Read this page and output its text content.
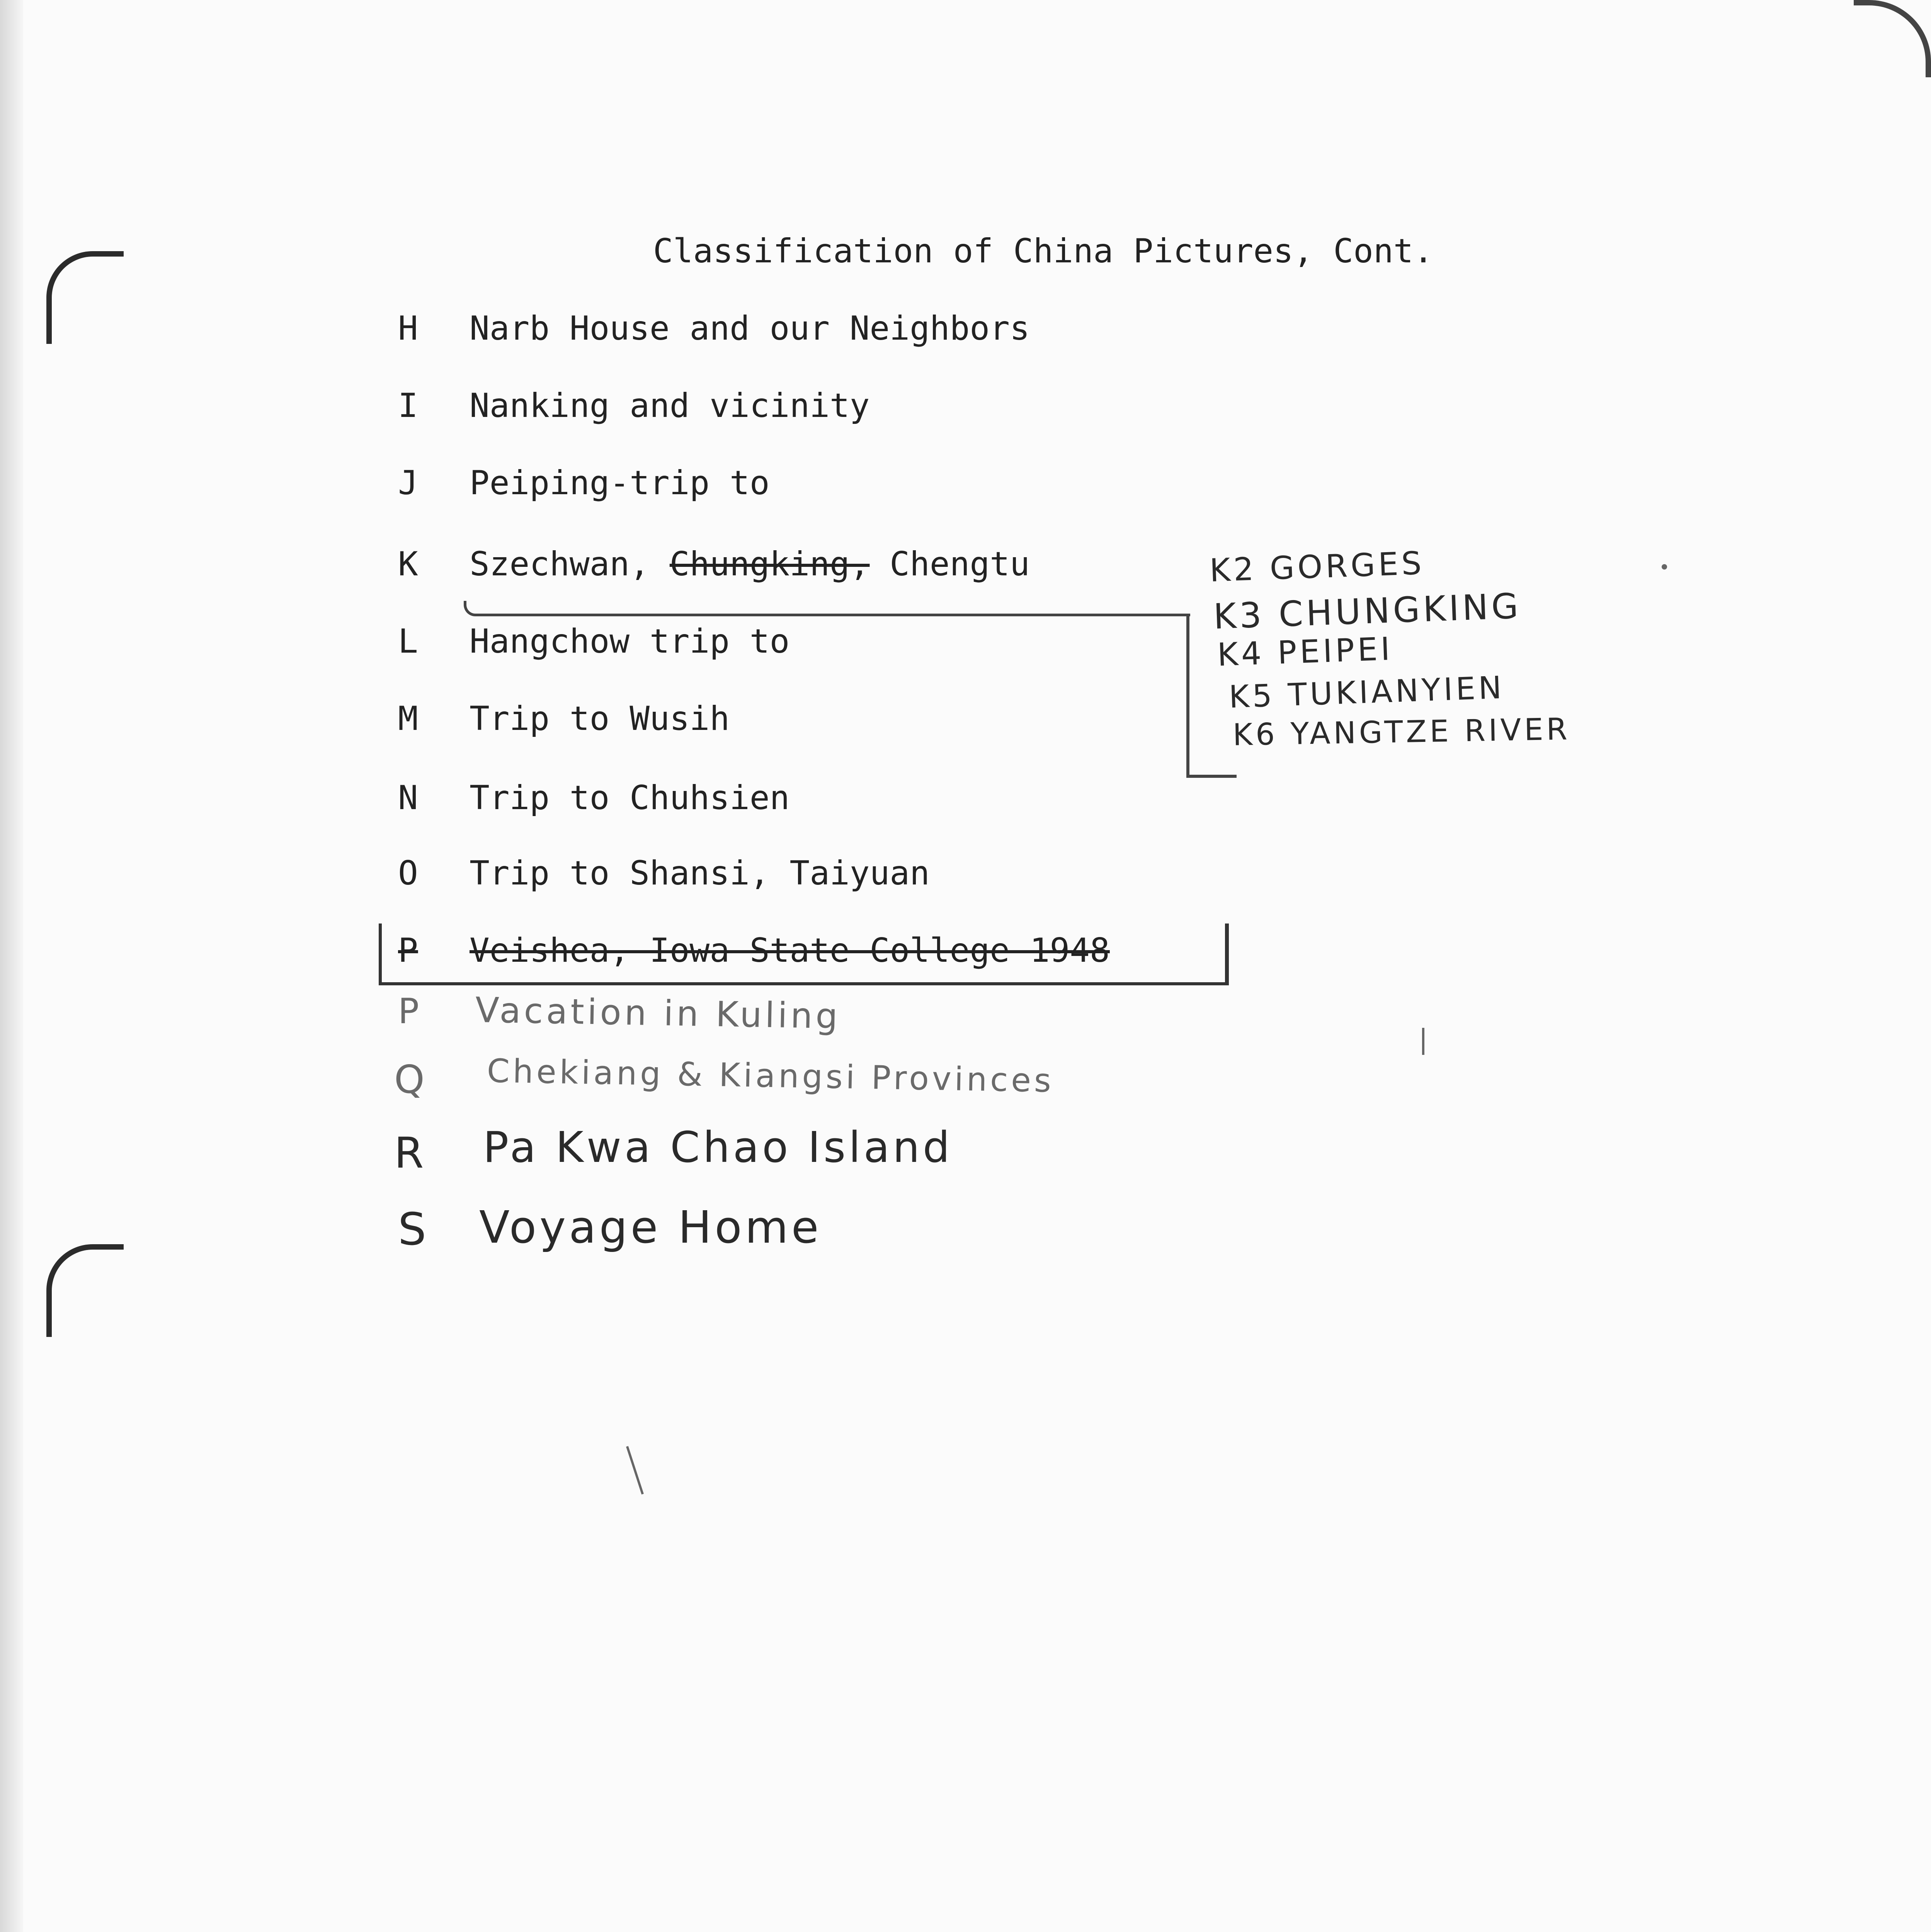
Classification of China Pictures, Cont.
H Narb House and our Neighbors
I Nanking and vicinity
J Peiping-trip to
K Szechwan, Chungking, Chengtu
L Hangchow trip to
M Trip to Wusih
N Trip to Chuhsien
O Trip to Shansi, Taiyuan
P Veishea, Iowa State College 1948
K2 GORGES
K3 CHUNGKING
K4 PEIPEI
K5 TUKIANYIEN
K6 YANGTZE RIVER
P Vacation in Kuling
Q Chekiang & Kiangsi Provinces
R Pa Kwa Chao Island
S Voyage Home
